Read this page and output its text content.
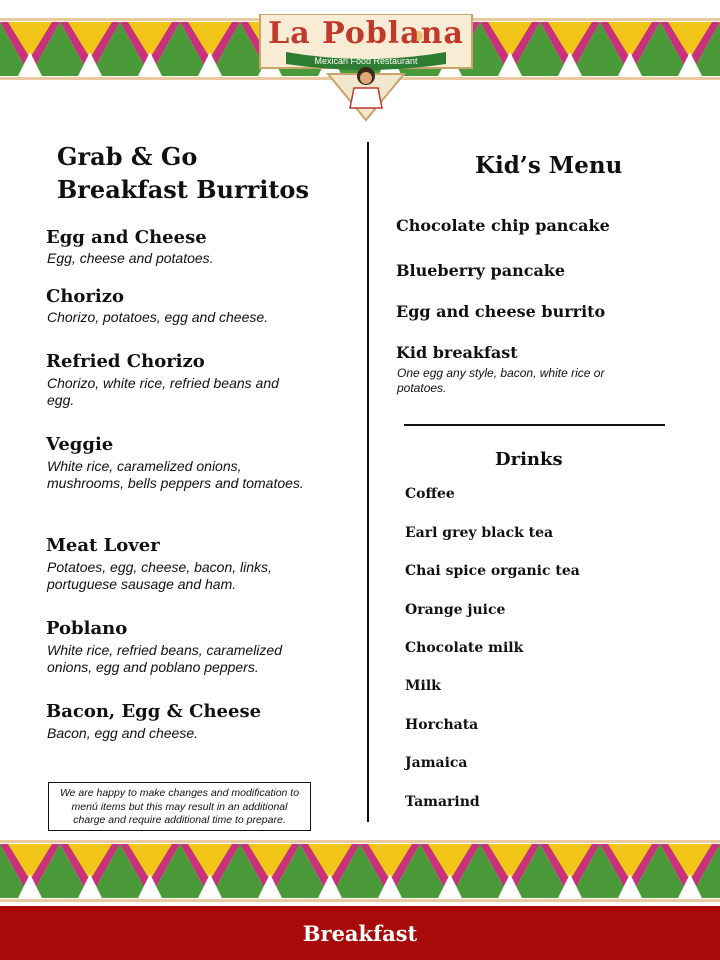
La Poblana
Mexican Food Restaurant
Grab & Go
Breakfast Burritos
Egg and Cheese
Egg, cheese and potatoes.
Chorizo
Chorizo, potatoes, egg and cheese.
Refried Chorizo
Chorizo, white rice, refried beans and egg.
Veggie
White rice, caramelized onions, mushrooms, bells peppers and tomatoes.
Meat Lover
Potatoes, egg, cheese, bacon, links, portuguese sausage and ham.
Poblano
White rice, refried beans, caramelized onions, egg and poblano peppers.
Bacon, Egg & Cheese
Bacon, egg and cheese.
We are happy to make changes and modification to menú items but this may result in an additional charge and require additional time to prepare.
Kid’s Menu
Chocolate chip pancake
Blueberry pancake
Egg and cheese burrito
Kid breakfast
One egg any style, bacon, white rice or potatoes.
Drinks
Coffee
Earl grey black tea
Chai spice organic tea
Orange juice
Chocolate milk
Milk
Horchata
Jamaica
Tamarind
Breakfast
